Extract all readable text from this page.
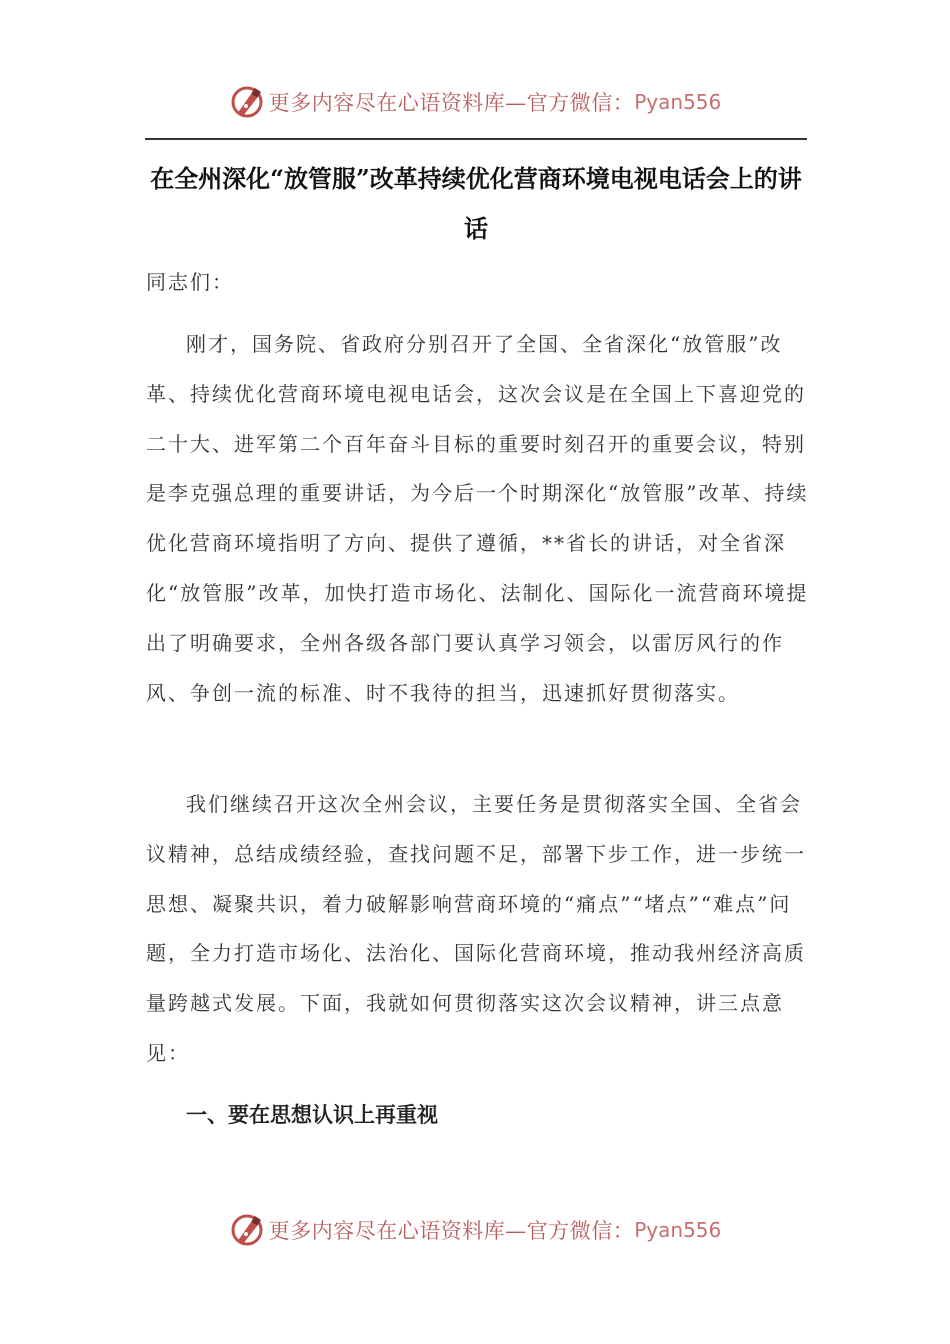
更多内容尽在心语资料库—官方微信： Pyan556
在全州深化“放管服”改革持续优化营商环境电视电话会上的讲话
同志们：
刚才，国务院、省政府分别召开了全国、全省深化“放管服”改革、持续优化营商环境电视电话会，这次会议是在全国上下喜迎党的二十大、进军第二个百年奋斗目标的重要时刻召开的重要会议，特别是李克强总理的重要讲话，为今后一个时期深化“放管服”改革、持续优化营商环境指明了方向、提供了遵循，**省长的讲话，对全省深化“放管服”改革，加快打造市场化、法制化、国际化一流营商环境提出了明确要求，全州各级各部门要认真学习领会，以雷厉风行的作风、争创一流的标准、时不我待的担当，迅速抓好贯彻落实。
我们继续召开这次全州会议，主要任务是贯彻落实全国、全省会议精神，总结成绩经验，查找问题不足，部署下步工作，进一步统一思想、凝聚共识，着力破解影响营商环境的“痛点”“堵点”“难点”问题，全力打造市场化、法治化、国际化营商环境，推动我州经济高质量跨越式发展。下面，我就如何贯彻落实这次会议精神，讲三点意见：
一、要在思想认识上再重视
更多内容尽在心语资料库—官方微信： Pyan556
